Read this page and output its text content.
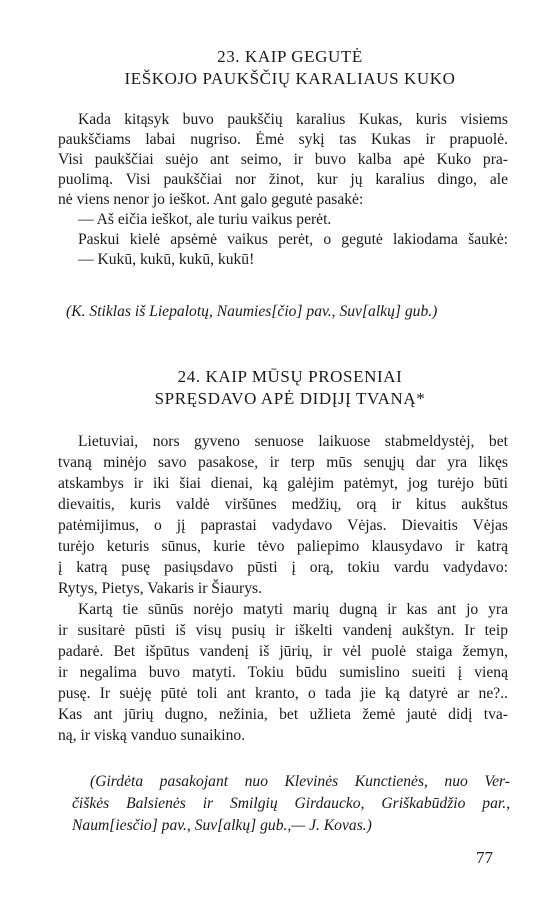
23. KAIP GEGUTĖ
IEŠKOJO PAUKŠČIŲ KARALIAUS KUKO
Kada kitąsyk buvo paukščių karalius Kukas, kuris visiems
paukščiams labai nugriso. Ėmė sykį tas Kukas ir prapuolė.
Visi paukščiai suėjo ant seimo, ir buvo kalba apė Kuko pra-
puolimą. Visi paukščiai nor žinot, kur jų karalius dingo, ale
nė viens nenor jo ieškot. Ant galo gegutė pasakė:
— Aš eičia ieškot, ale turiu vaikus perėt.
Paskui kielė apsėmė vaikus perėt, o gegutė lakiodama šaukė:
— Kukū, kukū, kukū, kukū!
(K. Stiklas iš Liepalotų, Naumies[čio] pav., Suv[alkų] gub.)
24. KAIP MŪSŲ PROSENIAI
SPRĘSDAVO APĖ DIDĮJĮ TVANĄ*
Lietuviai, nors gyveno senuose laikuose stabmeldystėj, bet
tvaną minėjo savo pasakose, ir terp mūs senųjų dar yra likęs
atskambys ir iki šiai dienai, ką galėjim patėmyt, jog turėjo būti
dievaitis, kuris valdė viršūnes medžių, orą ir kitus aukštus
patėmijimus, o jį paprastai vadydavo Vėjas. Dievaitis Vėjas
turėjo keturis sūnus, kurie tėvo paliepimo klausydavo ir katrą
į katrą pusę pasiųsdavo pūsti į orą, tokiu vardu vadydavo:
Rytys, Pietys, Vakaris ir Šiaurys.
Kartą tie sūnūs norėjo matyti marių dugną ir kas ant jo yra
ir susitarė pūsti iš visų pusių ir iškelti vandenį aukštyn. Ir teip
padarė. Bet išpūtus vandenį iš jūrių, ir vėl puolė staiga žemyn,
ir negalima buvo matyti. Tokiu būdu sumislino sueiti į vieną
pusę. Ir suėję pūtė toli ant kranto, o tada jie ką datyrė ar ne?..
Kas ant jūrių dugno, nežinia, bet užlieta žemė jautė didį tva-
ną, ir viską vanduo sunaikino.
(Girdėta pasakojant nuo Klevinės Kunctienės, nuo Ver-
čiškės Balsienės ir Smilgių Girdaucko, Griškabūdžio par.,
Naum[iesčio] pav., Suv[alkų] gub.,— J. Kovas.)
77
